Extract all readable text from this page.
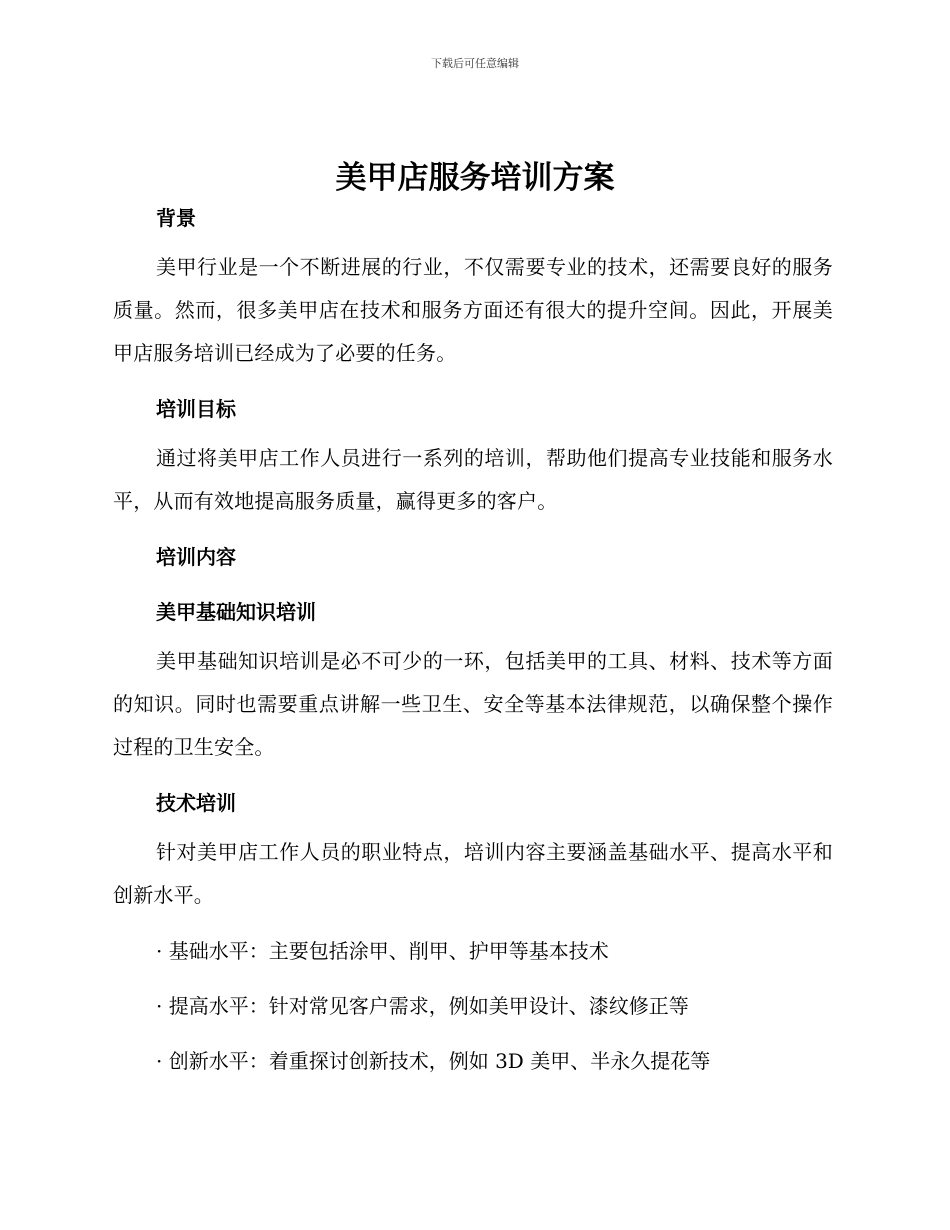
下载后可任意编辑
美甲店服务培训方案

背景

美甲行业是一个不断进展的行业，不仅需要专业的技术，还需要良好的服务质量。然而，很多美甲店在技术和服务方面还有很大的提升空间。因此，开展美甲店服务培训已经成为了必要的任务。

培训目标

通过将美甲店工作人员进行一系列的培训，帮助他们提高专业技能和服务水平，从而有效地提高服务质量，赢得更多的客户。

培训内容

美甲基础知识培训

美甲基础知识培训是必不可少的一环，包括美甲的工具、材料、技术等方面的知识。同时也需要重点讲解一些卫生、安全等基本法律规范，以确保整个操作过程的卫生安全。

技术培训

针对美甲店工作人员的职业特点，培训内容主要涵盖基础水平、提高水平和创新水平。

· 基础水平：主要包括涂甲、削甲、护甲等基本技术

· 提高水平：针对常见客户需求，例如美甲设计、漆纹修正等

· 创新水平：着重探讨创新技术，例如 3D 美甲、半永久提花等
